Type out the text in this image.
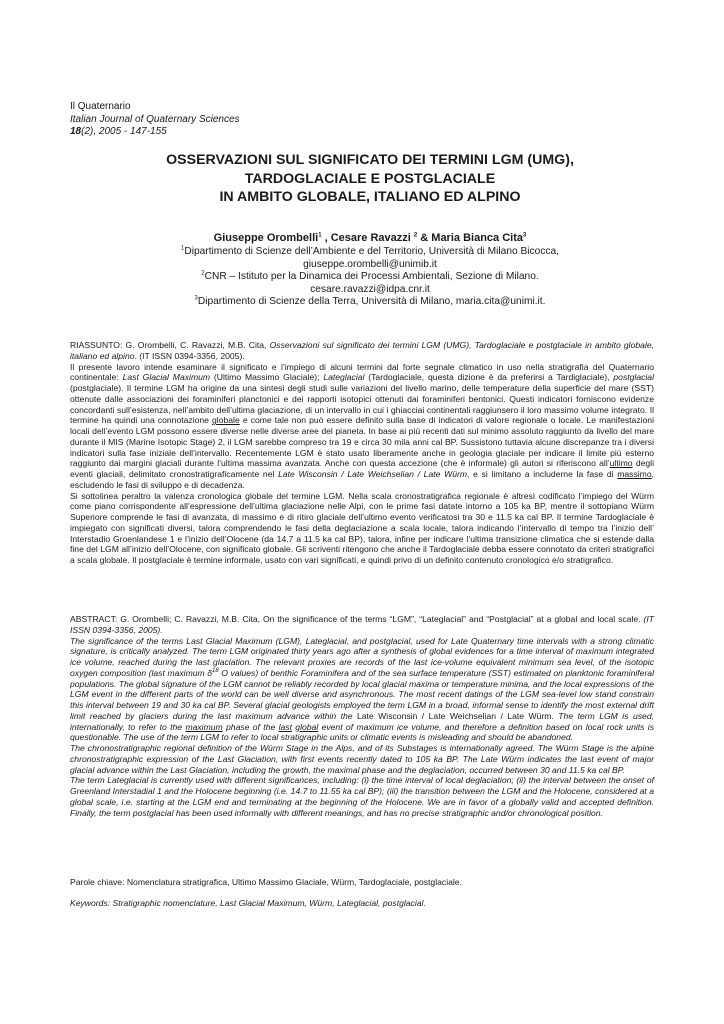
Il Quaternario
Italian Journal of Quaternary Sciences
18(2), 2005 - 147-155
OSSERVAZIONI SUL SIGNIFICATO DEI TERMINI LGM (UMG),
TARDOGLACIALE E POSTGLACIALE
IN AMBITO GLOBALE, ITALIANO ED ALPINO
Giuseppe Orombelli$^1$ , Cesare Ravazzi $^2$ & Maria Bianca Cita$^3$
$^1$Dipartimento di Scienze dell’Ambiente e del Territorio, Università di Milano Bicocca,
giuseppe.orombelli@unimib.it
$^2$CNR – Istituto per la Dinamica dei Processi Ambientali, Sezione di Milano.
cesare.ravazzi@idpa.cnr.it
$^3$Dipartimento di Scienze della Terra, Università di Milano, maria.cita@unimi.it.

RIASSUNTO: G. Orombelli, C. Ravazzi, M.B. Cita, Osservazioni sul significato dei termini LGM (UMG), Tardoglaciale e postglaciale in ambito globale, italiano ed alpino. (IT ISSN 0394-3356, 2005).

Il presente lavoro intende esaminare il significato e l’impiego di alcuni termini dal forte segnale climatico in uso nella stratigrafia del Quaternario continentale: Last Glacial Maximum (Ultimo Massimo Glaciale); Lateglacial (Tardoglaciale, questa dizione è da preferirsi a Tardiglaciale), postglacial (postglaciale). Il termine LGM ha origine da una sintesi degli studi sulle variazioni del livello marino, delle temperature della superficie del mare (SST) ottenute dalle associazioni dei foraminiferi planctonici e dei rapporti isotopici ottenuti dai foraminiferi bentonici. Questi indicatori forniscono evidenze concordanti sull’esistenza, nell’ambito dell’ultima glaciazione, di un intervallo in cui i ghiacciai continentali raggiunsero il loro massimo volume integrato. Il termine ha quindi una connotazione globale e come tale non può essere definito sulla base di indicatori di valore regionale o locale. Le manifestazioni locali dell’evento LGM possono essere diverse nelle diverse aree del pianeta. In base ai più recenti dati sul minimo assoluto raggiunto da livello del mare durante il MIS (Marine Isotopic Stage) 2, il LGM sarebbe compreso tra 19 e circa 30 mila anni cal BP. Sussistono tuttavia alcune discrepanze tra i diversi indicatori sulla fase iniziale dell’intervallo. Recentemente LGM è stato usato liberamente anche in geologia glaciale per indicare il limite più esterno raggiunto dai margini glaciali durante l’ultima massima avanzata. Anche con questa accezione (che è informale) gli autori si riferiscono all’ultimo degli eventi glaciali, delimitato cronostratigraficamente nel Late Wisconsin / Late Weichselian / Late Würm, e si limitano a includerne la fase di massimo, escludendo le fasi di sviluppo e di decadenza.

Si sottolinea peraltro la valenza cronologica globale del termine LGM. Nella scala cronostratigrafica regionale è altresì codificato l’impiego del Würm come piano corrispondente all’espressione dell’ultima glaciazione nelle Alpi, con le prime fasi datate intorno a 105 ka BP, mentre il sottopiano Würm Superiore comprende le fasi di avanzata, di massimo e di ritiro glaciale dell’ultimo evento verificatosi tra 30 e 11.5 ka cal BP. Il termine Tardoglaciale è impiegato con significati diversi, talora comprendendo le fasi della deglaciazione a scala locale, talora indicando l’intervallo di tempo tra l’inizio dell’ Interstadio Groenlandese 1 e l’inizio dell’Olocene (da 14.7 a 11.5 ka cal BP), talora, infine per indicare l’ultima transizione climatica che si estende dalla fine del LGM all’inizio dell’Olocene, con significato globale. Gli scriventi ritengono che anche il Tardoglaciale debba essere connotato da criteri stratigrafici a scala globale. Il postglaciale è termine informale, usato con vari significati, e quindi privo di un definito contenuto cronologico e/o stratigrafico.

ABSTRACT: G. Orombelli; C. Ravazzi, M.B. Cita, On the significance of the terms “LGM”, “Lateglacial” and “Postglacial” at a global and local scale. (IT ISSN 0394-3356, 2005).

The significance of the terms Last Glacial Maximum (LGM), Lateglacial, and postglacial, used for Late Quaternary time intervals with a strong climatic signature, is critically analyzed. The term LGM originated thirty years ago after a synthesis of global evidences for a time interval of maximum integrated ice volume, reached during the last glaciation. The relevant proxies are records of the last ice-volume equivalent minimum sea level, of the isotopic oxygen composition (last maximum $\delta^{18}$ O values) of benthic Foraminifera and of the sea surface temperature (SST) estimated on planktonic foraminiferal populations. The global signature of the LGM cannot be reliably recorded by local glacial maxima or temperature minima, and the local expressions of the LGM event in the different parts of the world can be well diverse and asynchronous. The most recent datings of the LGM sea-level low stand constrain this interval between 19 and 30 ka cal BP. Several glacial geologists employed the term LGM in a broad, informal sense to identify the most external drift limit reached by glaciers during the last maximum advance within the Late Wisconsin / Late Weichselian / Late Würm. The term LGM is used, internationally, to refer to the maximum phase of the last global event of maximum ice volume, and therefore a definition based on local rock units is questionable. The use of the term LGM to refer to local stratigraphic units or climatic events is misleading and should be abandoned.

The chronostratigraphic regional definition of the Würm Stage in the Alps, and of its Substages is internationally agreed. The Würm Stage is the alpine chronostratigraphic expression of the Last Glaciation, with first events recently dated to 105 ka BP. The Late Würm indicates the last event of major glacial advance within the Last Glaciation, including the growth, the maximal phase and the deglaciation, occurred between 30 and 11.5 ka cal BP.

The term Lateglacial is currently used with different significances, including: (i) the time interval of local deglaciation; (ii) the interval between the onset of Greenland Interstadial 1 and the Holocene beginning (i.e. 14.7 to 11.55 ka cal BP); (iii) the transition between the LGM and the Holocene, considered at a global scale, i.e. starting at the LGM end and terminating at the beginning of the Holocene. We are in favor of a globally valid and accepted definition. Finally, the term postglacial has been used informally with different meanings, and has no precise stratigraphic and/or chronological position.

Parole chiave: Nomenclatura stratigrafica, Ultimo Massimo Glaciale, Würm, Tardoglaciale, postglaciale.
Keywords: Stratigraphic nomenclature, Last Glacial Maximum, Würm, Lateglacial, postglacial.
